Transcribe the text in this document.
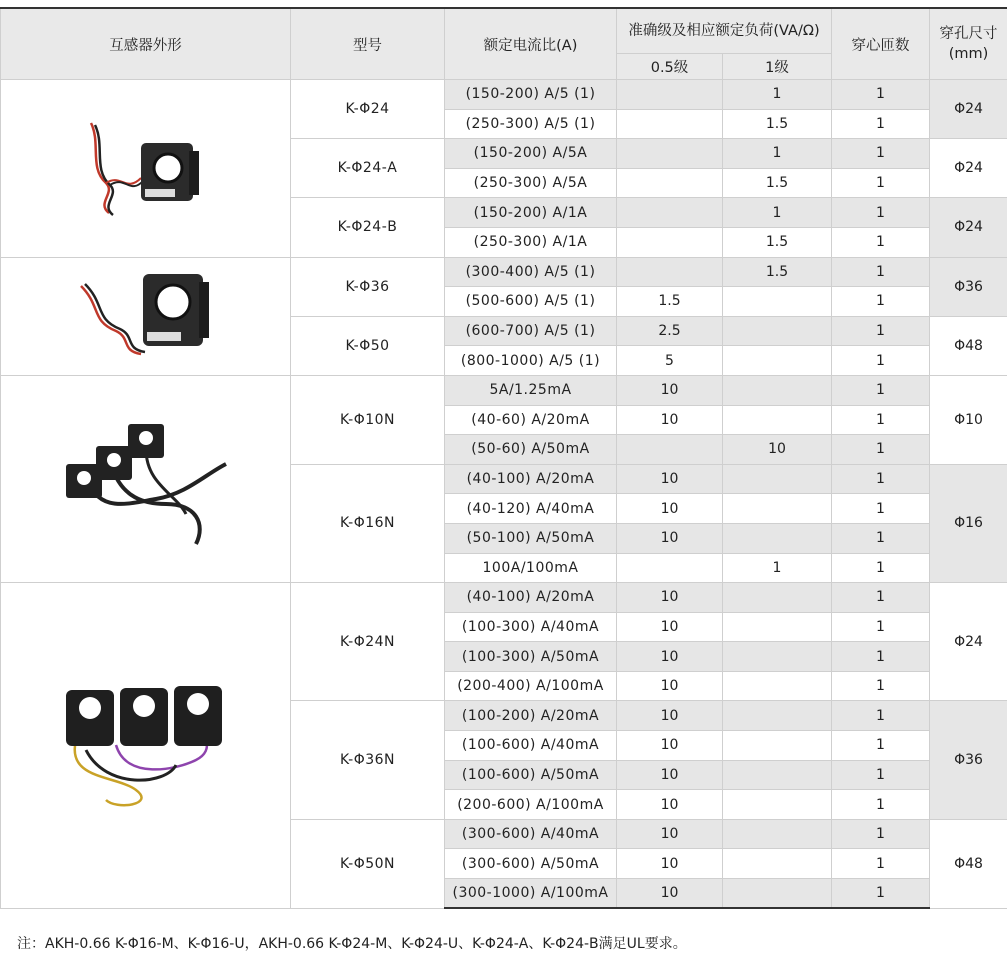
互感器外形	型号	额定电流比(A)	准确级及相应额定负荷(VA/Ω)		穿心匝数	穿孔尺寸(mm)
			0.5级	1级		

	K-Φ24	(150-200) A/5 (1)		1	1	Φ24
		(250-300) A/5 (1)		1.5	1	
	K-Φ24-A	(150-200) A/5A		1	1	Φ24
		(250-300) A/5A		1.5	1	
	K-Φ24-B	(150-200) A/1A		1	1	Φ24
		(250-300) A/1A		1.5	1	

	K-Φ36	(300-400) A/5 (1)		1.5	1	Φ36
		(500-600) A/5 (1)	1.5		1	
	K-Φ50	(600-700) A/5 (1)	2.5		1	Φ48
		(800-1000) A/5 (1)	5		1	

	K-Φ10N	5A/1.25mA	10		1	Φ10
		(40-60) A/20mA	10		1	
		(50-60) A/50mA		10	1	
	K-Φ16N	(40-100) A/20mA	10		1	Φ16
		(40-120) A/40mA	10		1	
		(50-100) A/50mA	10		1	
		100A/100mA		1	1	

	K-Φ24N	(40-100) A/20mA	10		1	Φ24
		(100-300) A/40mA	10		1	
		(100-300) A/50mA	10		1	
		(200-400) A/100mA	10		1	
	K-Φ36N	(100-200) A/20mA	10		1	Φ36
		(100-600) A/40mA	10		1	
		(100-600) A/50mA	10		1	
		(200-600) A/100mA	10		1	
	K-Φ50N	(300-600) A/40mA	10		1	Φ48
		(300-600) A/50mA	10		1	
		(300-1000) A/100mA	10		1	
注：AKH-0.66 K-Φ16-M、K-Φ16-U，AKH-0.66 K-Φ24-M、K-Φ24-U、K-Φ24-A、K-Φ24-B满足UL要求。
